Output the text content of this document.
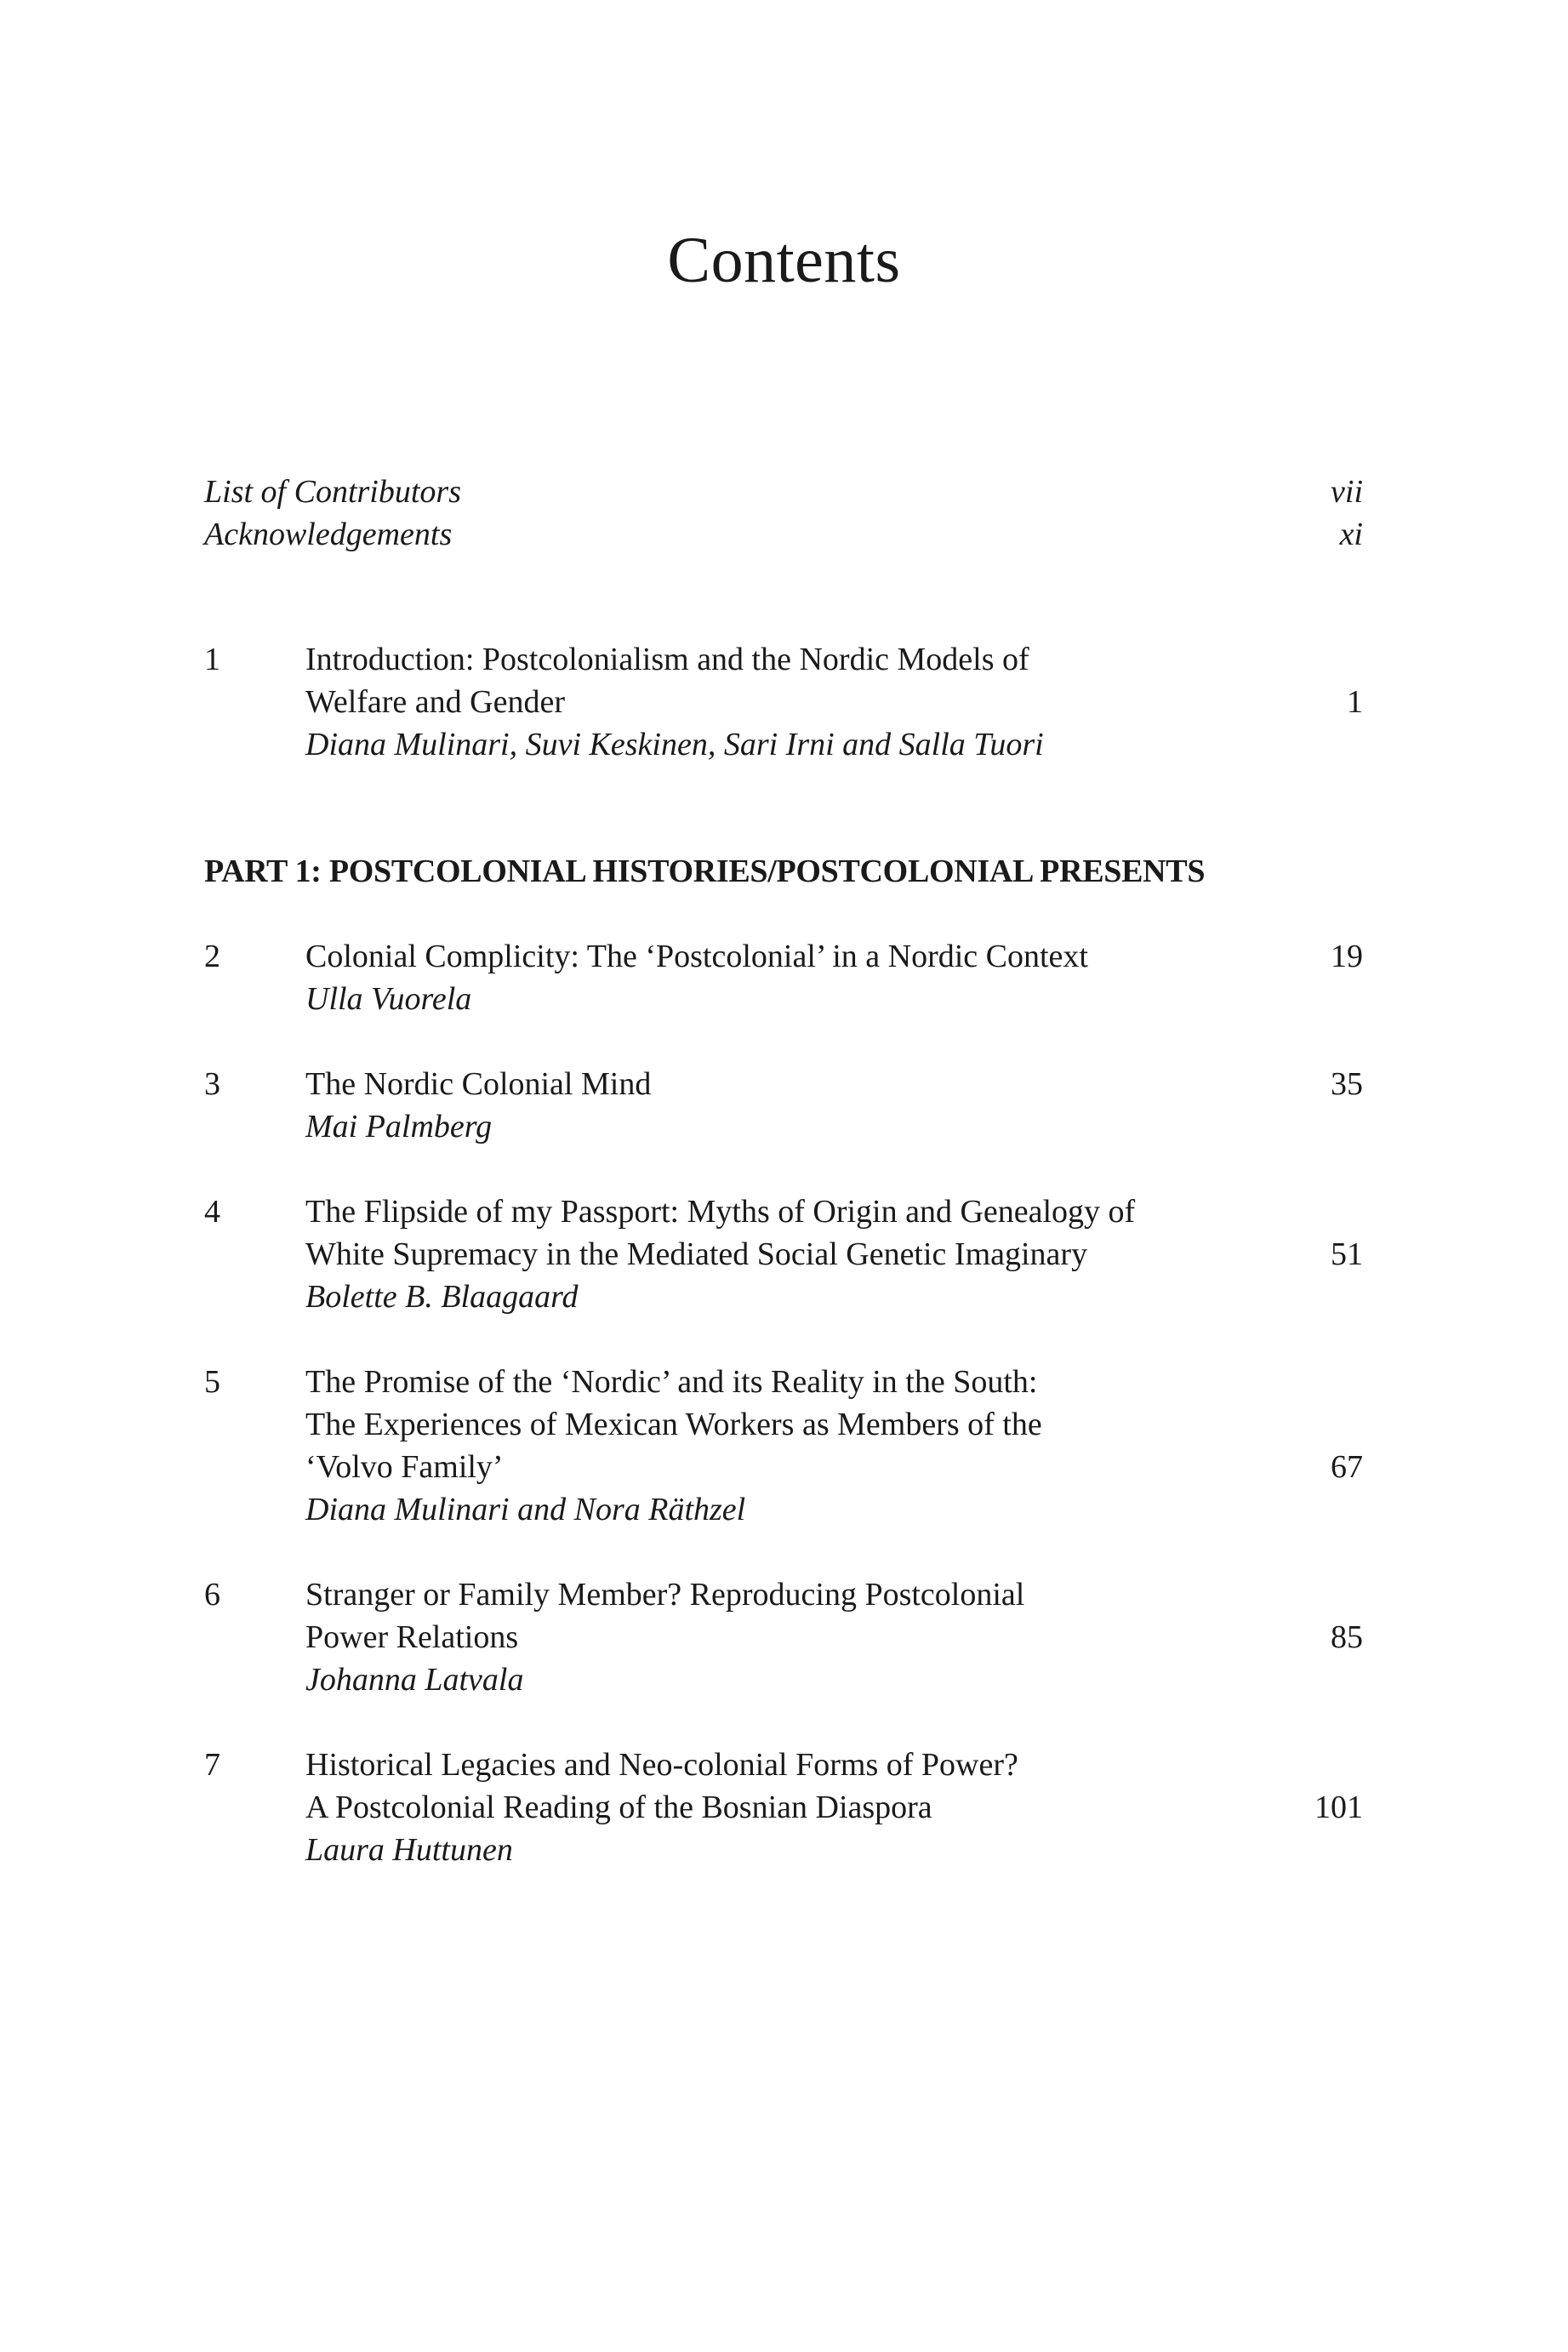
Contents
List of Contributors	vii
Acknowledgements	xi
1	Introduction: Postcolonialism and the Nordic Models of
Welfare and Gender	1
Diana Mulinari, Suvi Keskinen, Sari Irni and Salla Tuori
PART 1: POSTCOLONIAL HISTORIES/POSTCOLONIAL PRESENTS
2	Colonial Complicity: The ‘Postcolonial’ in a Nordic Context	19
Ulla Vuorela
3	The Nordic Colonial Mind	35
Mai Palmberg
4	The Flipside of my Passport: Myths of Origin and Genealogy of
White Supremacy in the Mediated Social Genetic Imaginary	51
Bolette B. Blaagaard
5	The Promise of the ‘Nordic’ and its Reality in the South:
The Experiences of Mexican Workers as Members of the
‘Volvo Family’	67
Diana Mulinari and Nora Räthzel
6	Stranger or Family Member? Reproducing Postcolonial
Power Relations	85
Johanna Latvala
7	Historical Legacies and Neo-colonial Forms of Power?
A Postcolonial Reading of the Bosnian Diaspora	101
Laura Huttunen
